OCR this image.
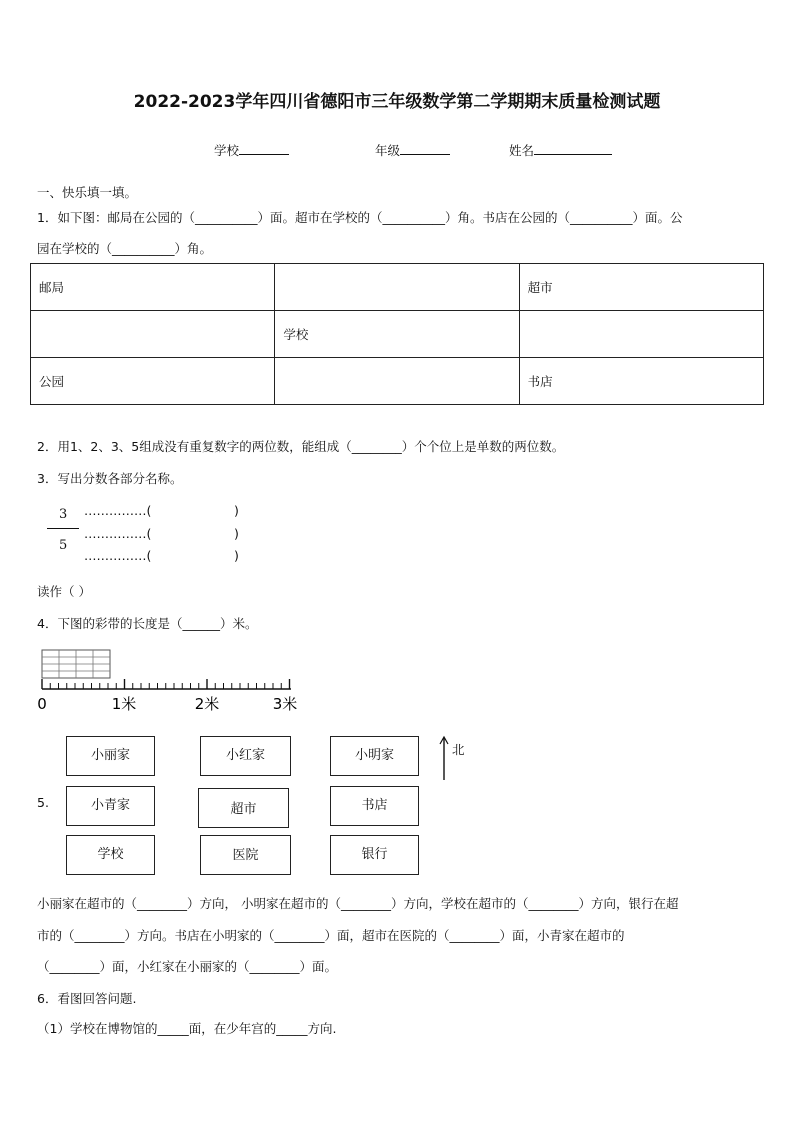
2022-2023学年四川省德阳市三年级数学第二学期期末质量检测试题
学校	年级	姓名
一、快乐填一填。
1．如下图：邮局在公园的（__________）面。超市在学校的（__________）角。书店在公园的（__________）面。公
园在学校的（__________）角。
邮局		超市
	学校	
公园		书店
2．用1、2、3、5组成没有重复数字的两位数，能组成（________）个个位上是单数的两位数。
3．写出分数各部分名称。
3
5
……………(
……………(
……………(
)
)
)
读作（ ）
4．下图的彩带的长度是（______）米。
0	1米	2米	3米
5.
小丽家	小红家	小明家
小青家	超市	书店
学校	医院	银行
北
小丽家在超市的（________）方向， 小明家在超市的（________）方向，学校在超市的（________）方向，银行在超
市的（________）方向。书店在小明家的（________）面，超市在医院的（________）面，小青家在超市的
（________）面，小红家在小丽家的（________）面。
6．看图回答问题.
（1）学校在博物馆的_____面，在少年宫的_____方向.
